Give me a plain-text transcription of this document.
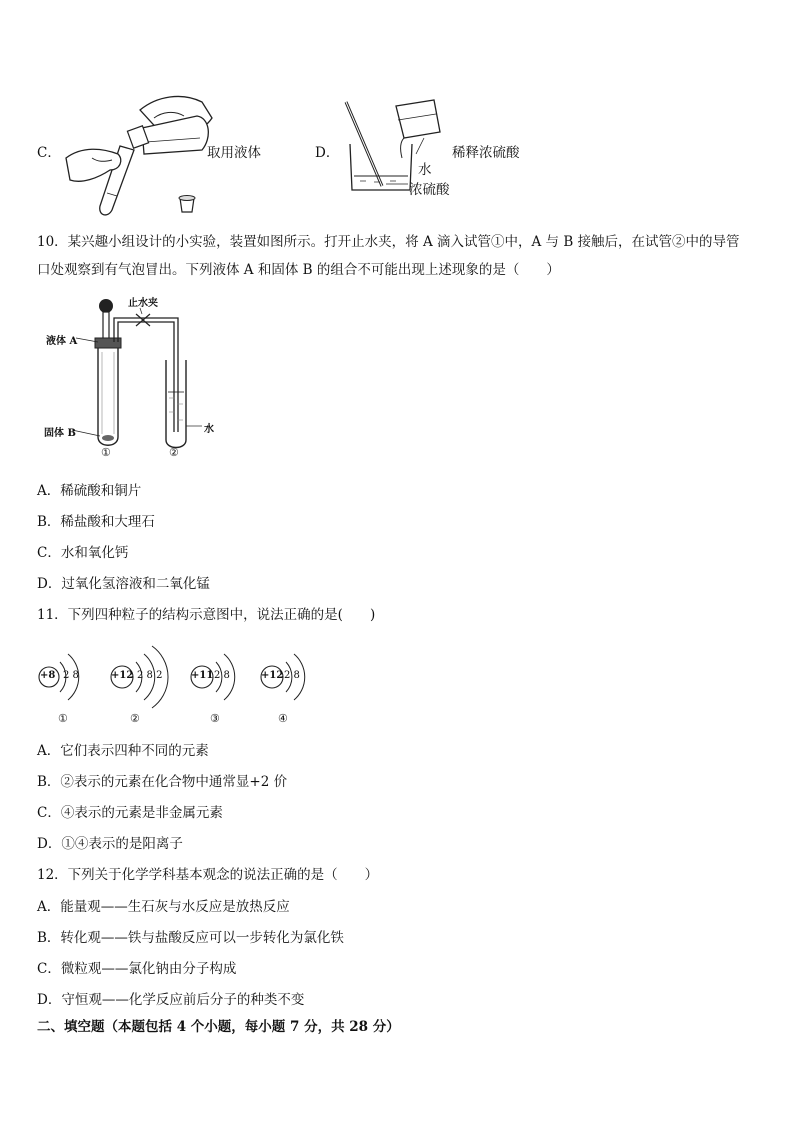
C．	取用液体	D．
水
浓硫酸
稀释浓硫酸
10．某兴趣小组设计的小实验，装置如图所示。打开止水夹，将 A 滴入试管①中，A 与 B 接触后，在试管②中的导管
口处观察到有气泡冒出。下列液体 A 和固体 B 的组合不可能出现上述现象的是（　　）
止水夹
液体 A
固体 B	水
①	②
A．稀硫酸和铜片
B．稀盐酸和大理石
C．水和氧化钙
D．过氧化氢溶液和二氧化锰
11．下列四种粒子的结构示意图中，说法正确的是(　　)
+8 2 8
①
+12 2 8 2
②
+11 2 8
③
+12 2 8
④
A．它们表示四种不同的元素
B．②表示的元素在化合物中通常显+2 价
C．④表示的元素是非金属元素
D．①④表示的是阳离子
12．下列关于化学学科基本观念的说法正确的是（　　）
A．能量观——生石灰与水反应是放热反应
B．转化观——铁与盐酸反应可以一步转化为氯化铁
C．微粒观——氯化钠由分子构成
D．守恒观——化学反应前后分子的种类不变
二、填空题（本题包括 4 个小题，每小题 7 分，共 28 分）
